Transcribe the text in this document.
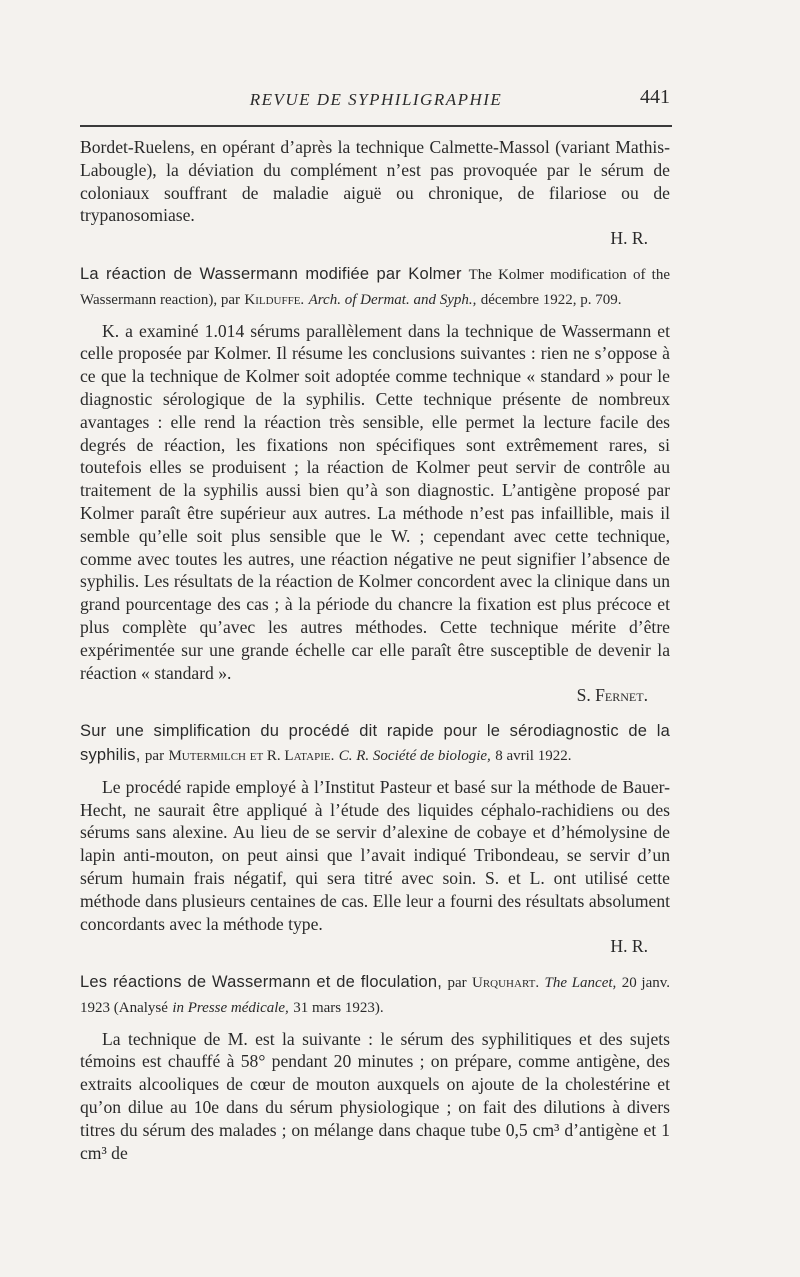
REVUE DE SYPHILIGRAPHIE	441

Bordet-Ruelens, en opérant d’après la technique Calmette-Massol (variant Mathis-Labougle), la déviation du complément n’est pas provoquée par le sérum de coloniaux souffrant de maladie aiguë ou chronique, de filariose ou de trypanosomiase.

H. R.

La réaction de Wassermann modifiée par Kolmer The Kolmer modification of the Wassermann reaction), par Kilduffe. Arch. of Dermat. and Syph., décembre 1922, p. 709.

K. a examiné 1.014 sérums parallèlement dans la technique de Wassermann et celle proposée par Kolmer. Il résume les conclusions suivantes : rien ne s’oppose à ce que la technique de Kolmer soit adoptée comme technique « standard » pour le diagnostic sérologique de la syphilis. Cette technique présente de nombreux avantages : elle rend la réaction très sensible, elle permet la lecture facile des degrés de réaction, les fixations non spécifiques sont extrêmement rares, si toutefois elles se produisent ; la réaction de Kolmer peut servir de contrôle au traitement de la syphilis aussi bien qu’à son diagnostic. L’antigène proposé par Kolmer paraît être supérieur aux autres. La méthode n’est pas infaillible, mais il semble qu’elle soit plus sensible que le W. ; cependant avec cette technique, comme avec toutes les autres, une réaction négative ne peut signifier l’absence de syphilis. Les résultats de la réaction de Kolmer concordent avec la clinique dans un grand pourcentage des cas ; à la période du chancre la fixation est plus précoce et plus complète qu’avec les autres méthodes. Cette technique mérite d’être expérimentée sur une grande échelle car elle paraît être susceptible de devenir la réaction « standard ».

S. Fernet.

Sur une simplification du procédé dit rapide pour le sérodiagnostic de la syphilis, par Mutermilch et R. Latapie. C. R. Société de biologie, 8 avril 1922.

Le procédé rapide employé à l’Institut Pasteur et basé sur la méthode de Bauer-Hecht, ne saurait être appliqué à l’étude des liquides céphalo-rachidiens ou des sérums sans alexine. Au lieu de se servir d’alexine de cobaye et d’hémolysine de lapin anti-mouton, on peut ainsi que l’avait indiqué Tribondeau, se servir d’un sérum humain frais négatif, qui sera titré avec soin. S. et L. ont utilisé cette méthode dans plusieurs centaines de cas. Elle leur a fourni des résultats absolument concordants avec la méthode type.

H. R.

Les réactions de Wassermann et de floculation, par Urquhart. The Lancet, 20 janv. 1923 (Analysé in Presse médicale, 31 mars 1923).

La technique de M. est la suivante : le sérum des syphilitiques et des sujets témoins est chauffé à 58° pendant 20 minutes ; on prépare, comme antigène, des extraits alcooliques de cœur de mouton auxquels on ajoute de la cholestérine et qu’on dilue au 10e dans du sérum physiologique ; on fait des dilutions à divers titres du sérum des malades ; on mélange dans chaque tube 0,5 cm³ d’antigène et 1 cm³ de
